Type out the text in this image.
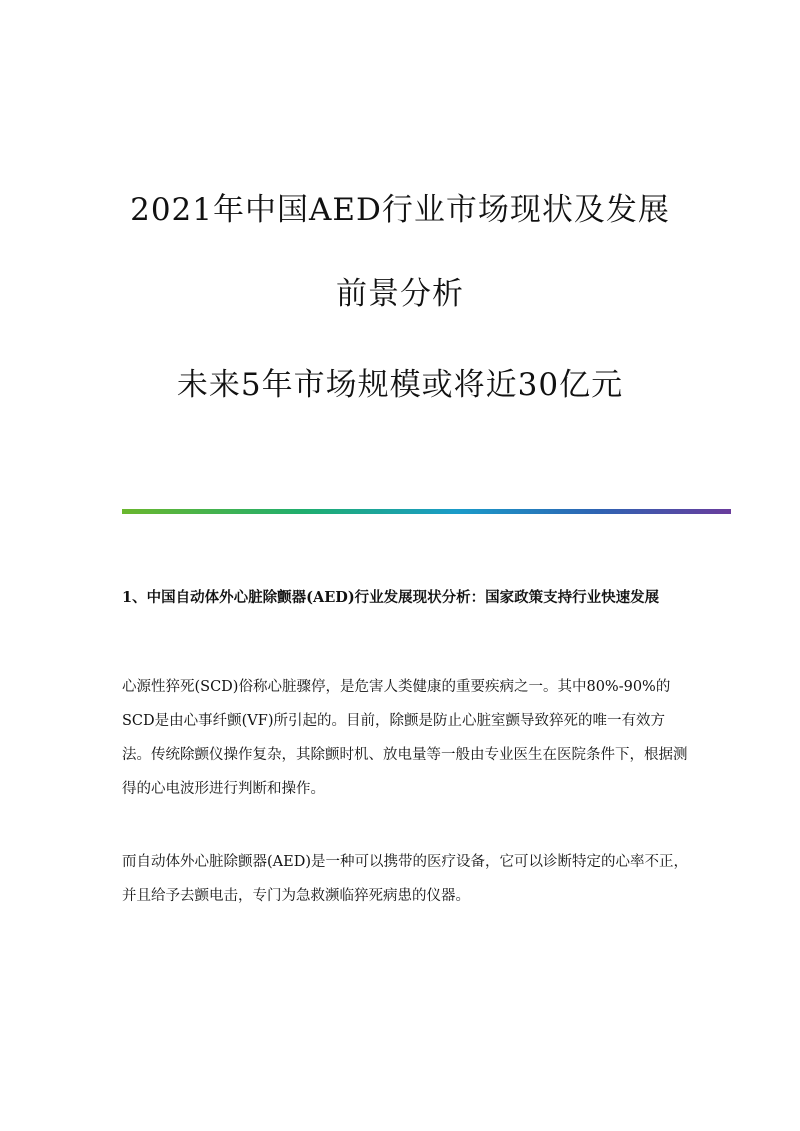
2021年中国AED行业市场现状及发展
前景分析
未来5年市场规模或将近30亿元
1、中国自动体外心脏除颤器(AED)行业发展现状分析：国家政策支持行业快速发展
心源性猝死(SCD)俗称心脏骤停，是危害人类健康的重要疾病之一。其中80%-90%的SCD是由心事纤颤(VF)所引起的。目前，除颤是防止心脏室颤导致猝死的唯一有效方法。传统除颤仪操作复杂，其除颤时机、放电量等一般由专业医生在医院条件下，根据测得的心电波形进行判断和操作。
而自动体外心脏除颤器(AED)是一种可以携带的医疗设备，它可以诊断特定的心率不正，并且给予去颤电击，专门为急救濒临猝死病患的仪器。
